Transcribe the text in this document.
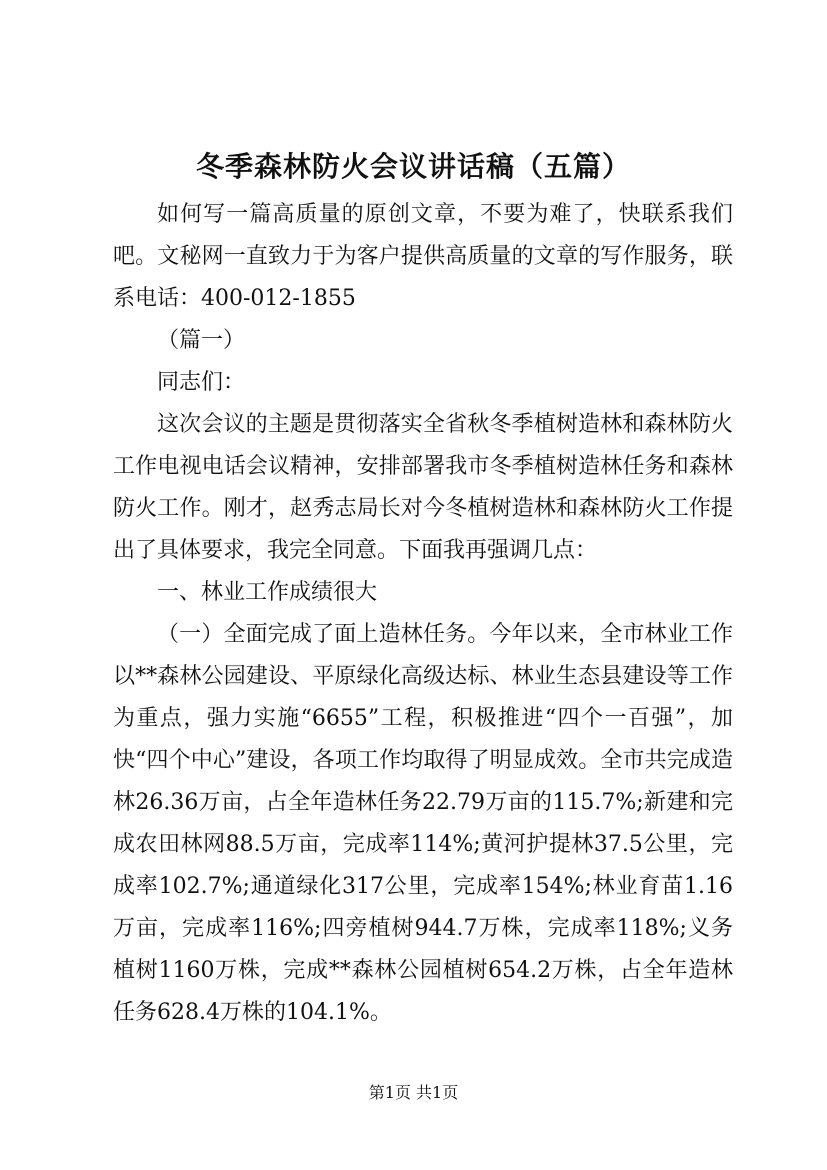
冬季森林防火会议讲话稿（五篇）

如何写一篇高质量的原创文章，不要为难了，快联系我们吧。文秘网一直致力于为客户提供高质量的文章的写作服务，联系电话：400-012-1855

（篇一）

同志们：

这次会议的主题是贯彻落实全省秋冬季植树造林和森林防火工作电视电话会议精神，安排部署我市冬季植树造林任务和森林防火工作。刚才，赵秀志局长对今冬植树造林和森林防火工作提出了具体要求，我完全同意。下面我再强调几点：

一、林业工作成绩很大

（一）全面完成了面上造林任务。今年以来，全市林业工作以**森林公园建设、平原绿化高级达标、林业生态县建设等工作为重点，强力实施“6655”工程，积极推进“四个一百强”，加快“四个中心”建设，各项工作均取得了明显成效。全市共完成造林26.36万亩，占全年造林任务22.79万亩的115.7%;新建和完成农田林网88.5万亩，完成率114%;黄河护提林37.5公里，完成率102.7%;通道绿化317公里，完成率154%;林业育苗1.16万亩，完成率116%;四旁植树944.7万株，完成率118%;义务植树1160万株，完成**森林公园植树654.2万株，占全年造林任务628.4万株的104.1%。

第1页 共1页
